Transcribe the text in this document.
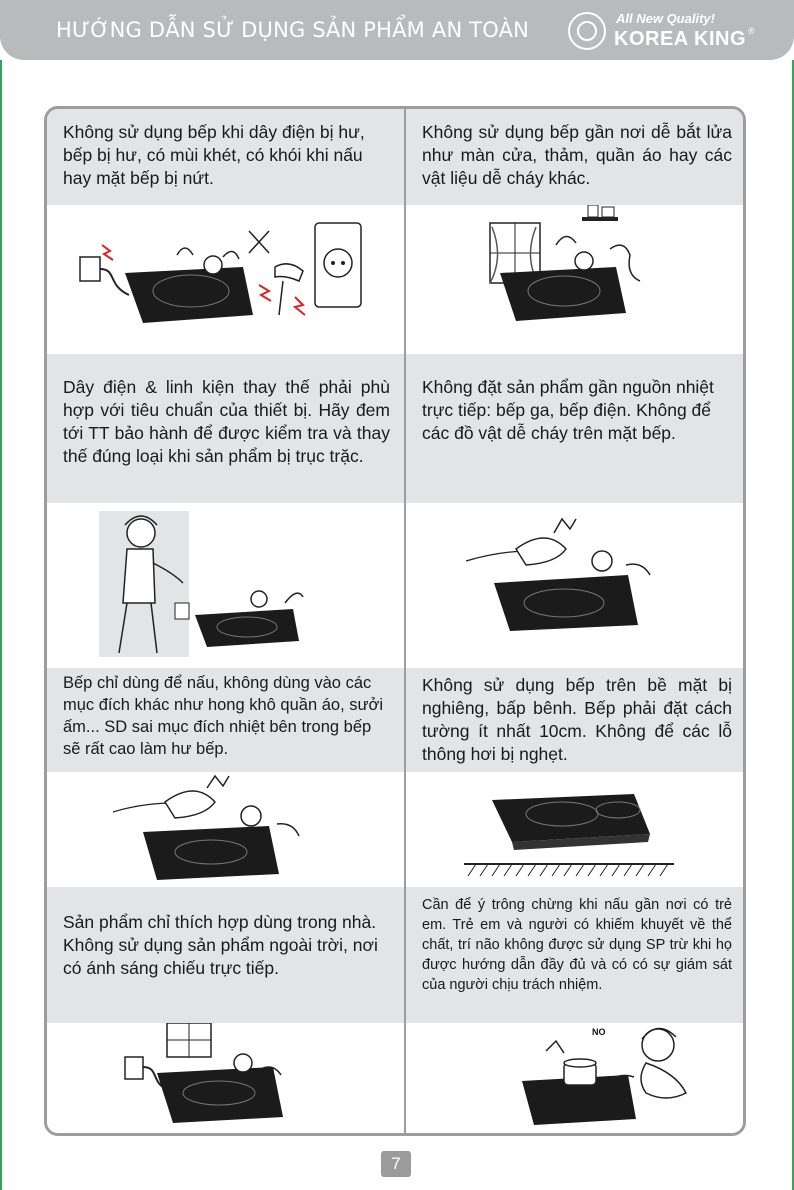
HƯỚNG DẪN SỬ DỤNG SẢN PHẨM AN TOÀN	All New Quality!
KOREA KING ®
Không sử dụng bếp khi dây điện bị hư, bếp bị hư, có mùi khét, có khói khi nấu hay mặt bếp bị nứt.
Không sử dụng bếp gần nơi dễ bắt lửa như màn cửa, thảm, quần áo hay các vật liệu dễ cháy khác.
Dây điện & linh kiện thay thế phải phù hợp với tiêu chuẩn của thiết bị. Hãy đem tới TT bảo hành để được kiểm tra và thay thế đúng loại khi sản phẩm bị trục trặc.
Không đặt sản phẩm gần nguồn nhiệt trực tiếp: bếp ga, bếp điện. Không để các đồ vật dễ cháy trên mặt bếp.
Bếp chỉ dùng để nấu, không dùng vào các mục đích khác như hong khô quần áo, sưởi ấm... SD sai mục đích nhiệt bên trong bếp sẽ rất cao làm hư bếp.
Không sử dụng bếp trên bề mặt bị nghiêng, bấp bênh. Bếp phải đặt cách tường ít nhất 10cm. Không để các lỗ thông hơi bị nghẹt.
Sản phẩm chỉ thích hợp dùng trong nhà. Không sử dụng sản phẩm ngoài trời, nơi có ánh sáng chiếu trực tiếp.
Cần để ý trông chừng khi nấu gần nơi có trẻ em. Trẻ em và người có khiếm khuyết về thể chất, trí não không được sử dụng SP trừ khi họ được hướng dẫn đầy đủ và có có sự giám sát của người chịu trách nhiệm.
NO
7
